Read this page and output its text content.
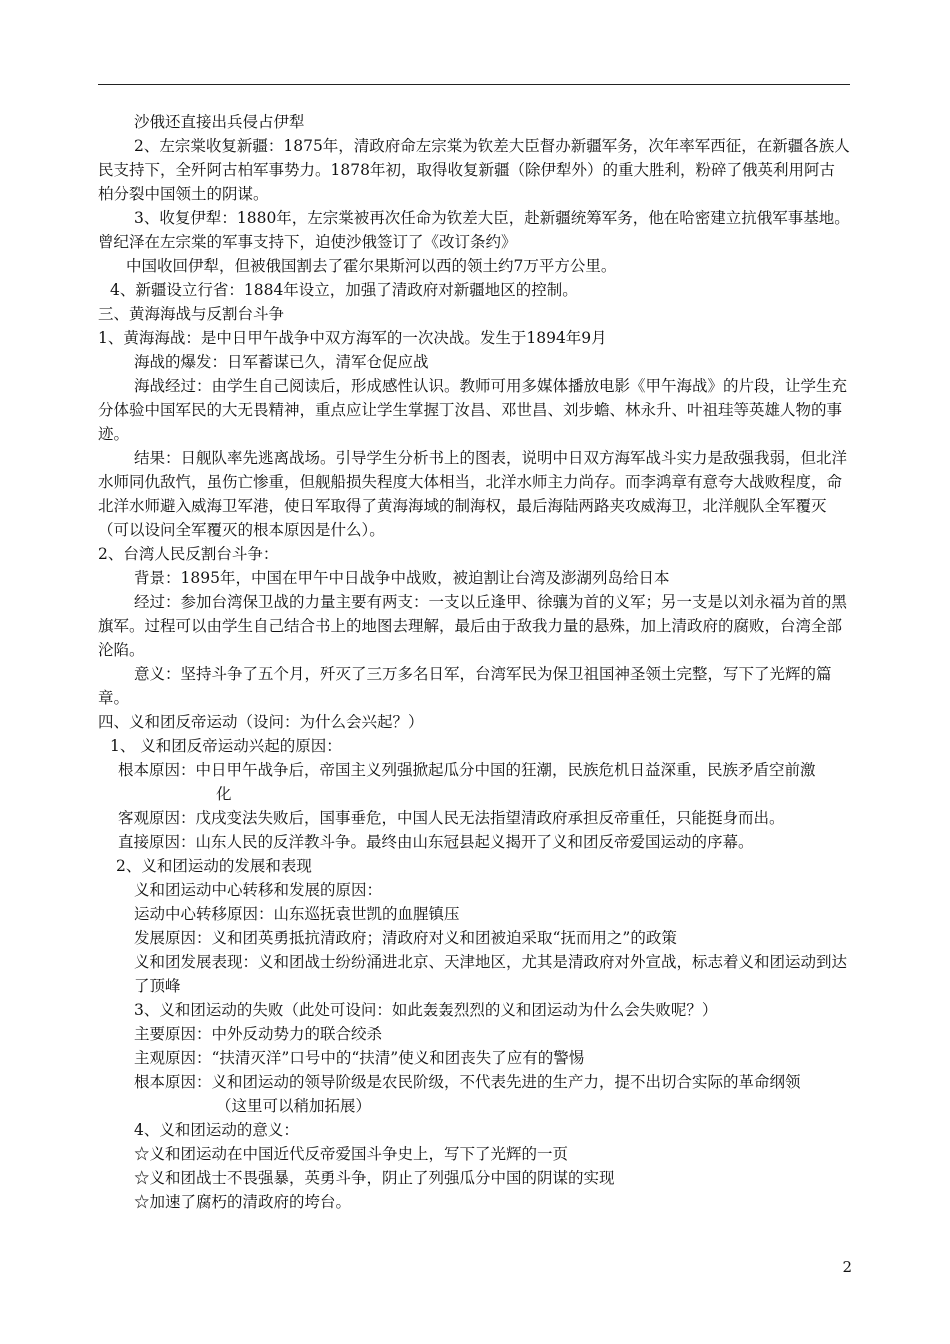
沙俄还直接出兵侵占伊犁

2、左宗棠收复新疆：1875年，清政府命左宗棠为钦差大臣督办新疆军务，次年率军西征，在新疆各族人民支持下，全歼阿古柏军事势力。1878年初，取得收复新疆（除伊犁外）的重大胜利，粉碎了俄英利用阿古柏分裂中国领土的阴谋。

3、收复伊犁：1880年，左宗棠被再次任命为钦差大臣，赴新疆统筹军务，他在哈密建立抗俄军事基地。曾纪泽在左宗棠的军事支持下，迫使沙俄签订了《改订条约》

中国收回伊犁，但被俄国割去了霍尔果斯河以西的领土约7万平方公里。

4、新疆设立行省：1884年设立，加强了清政府对新疆地区的控制。

三、黄海海战与反割台斗争

1、黄海海战：是中日甲午战争中双方海军的一次决战。发生于1894年9月

海战的爆发：日军蓄谋已久，清军仓促应战

海战经过：由学生自己阅读后，形成感性认识。教师可用多媒体播放电影《甲午海战》的片段，让学生充分体验中国军民的大无畏精神，重点应让学生掌握丁汝昌、邓世昌、刘步蟾、林永升、叶祖珪等英雄人物的事迹。

结果：日舰队率先逃离战场。引导学生分析书上的图表，说明中日双方海军战斗实力是敌强我弱，但北洋水师同仇敌忾，虽伤亡惨重，但舰船损失程度大体相当，北洋水师主力尚存。而李鸿章有意夸大战败程度，命北洋水师避入威海卫军港，使日军取得了黄海海域的制海权，最后海陆两路夹攻威海卫，北洋舰队全军覆灭（可以设问全军覆灭的根本原因是什么）。

2、台湾人民反割台斗争：

背景：1895年，中国在甲午中日战争中战败，被迫割让台湾及澎湖列岛给日本

经过：参加台湾保卫战的力量主要有两支：一支以丘逢甲、徐骧为首的义军；另一支是以刘永福为首的黑旗军。过程可以由学生自己结合书上的地图去理解，最后由于敌我力量的悬殊，加上清政府的腐败，台湾全部沦陷。

意义：坚持斗争了五个月，歼灭了三万多名日军，台湾军民为保卫祖国神圣领土完整，写下了光辉的篇章。

四、义和团反帝运动（设问：为什么会兴起？）

1、 义和团反帝运动兴起的原因：

根本原因：中日甲午战争后，帝国主义列强掀起瓜分中国的狂潮，民族危机日益深重，民族矛盾空前激

化

客观原因：戊戌变法失败后，国事垂危，中国人民无法指望清政府承担反帝重任，只能挺身而出。

直接原因：山东人民的反洋教斗争。最终由山东冠县起义揭开了义和团反帝爱国运动的序幕。

2、义和团运动的发展和表现

义和团运动中心转移和发展的原因：

运动中心转移原因：山东巡抚袁世凯的血腥镇压

发展原因：义和团英勇抵抗清政府；清政府对义和团被迫采取“抚而用之”的政策

义和团发展表现：义和团战士纷纷涌进北京、天津地区，尤其是清政府对外宣战，标志着义和团运动到达了顶峰

3、义和团运动的失败（此处可设问：如此轰轰烈烈的义和团运动为什么会失败呢？）

主要原因：中外反动势力的联合绞杀

主观原因：“扶清灭洋”口号中的“扶清”使义和团丧失了应有的警惕

根本原因：义和团运动的领导阶级是农民阶级，不代表先进的生产力，提不出切合实际的革命纲领

（这里可以稍加拓展）

4、义和团运动的意义：

☆义和团运动在中国近代反帝爱国斗争史上，写下了光辉的一页

☆义和团战士不畏强暴，英勇斗争，阴止了列强瓜分中国的阴谋的实现

☆加速了腐朽的清政府的垮台。

2
